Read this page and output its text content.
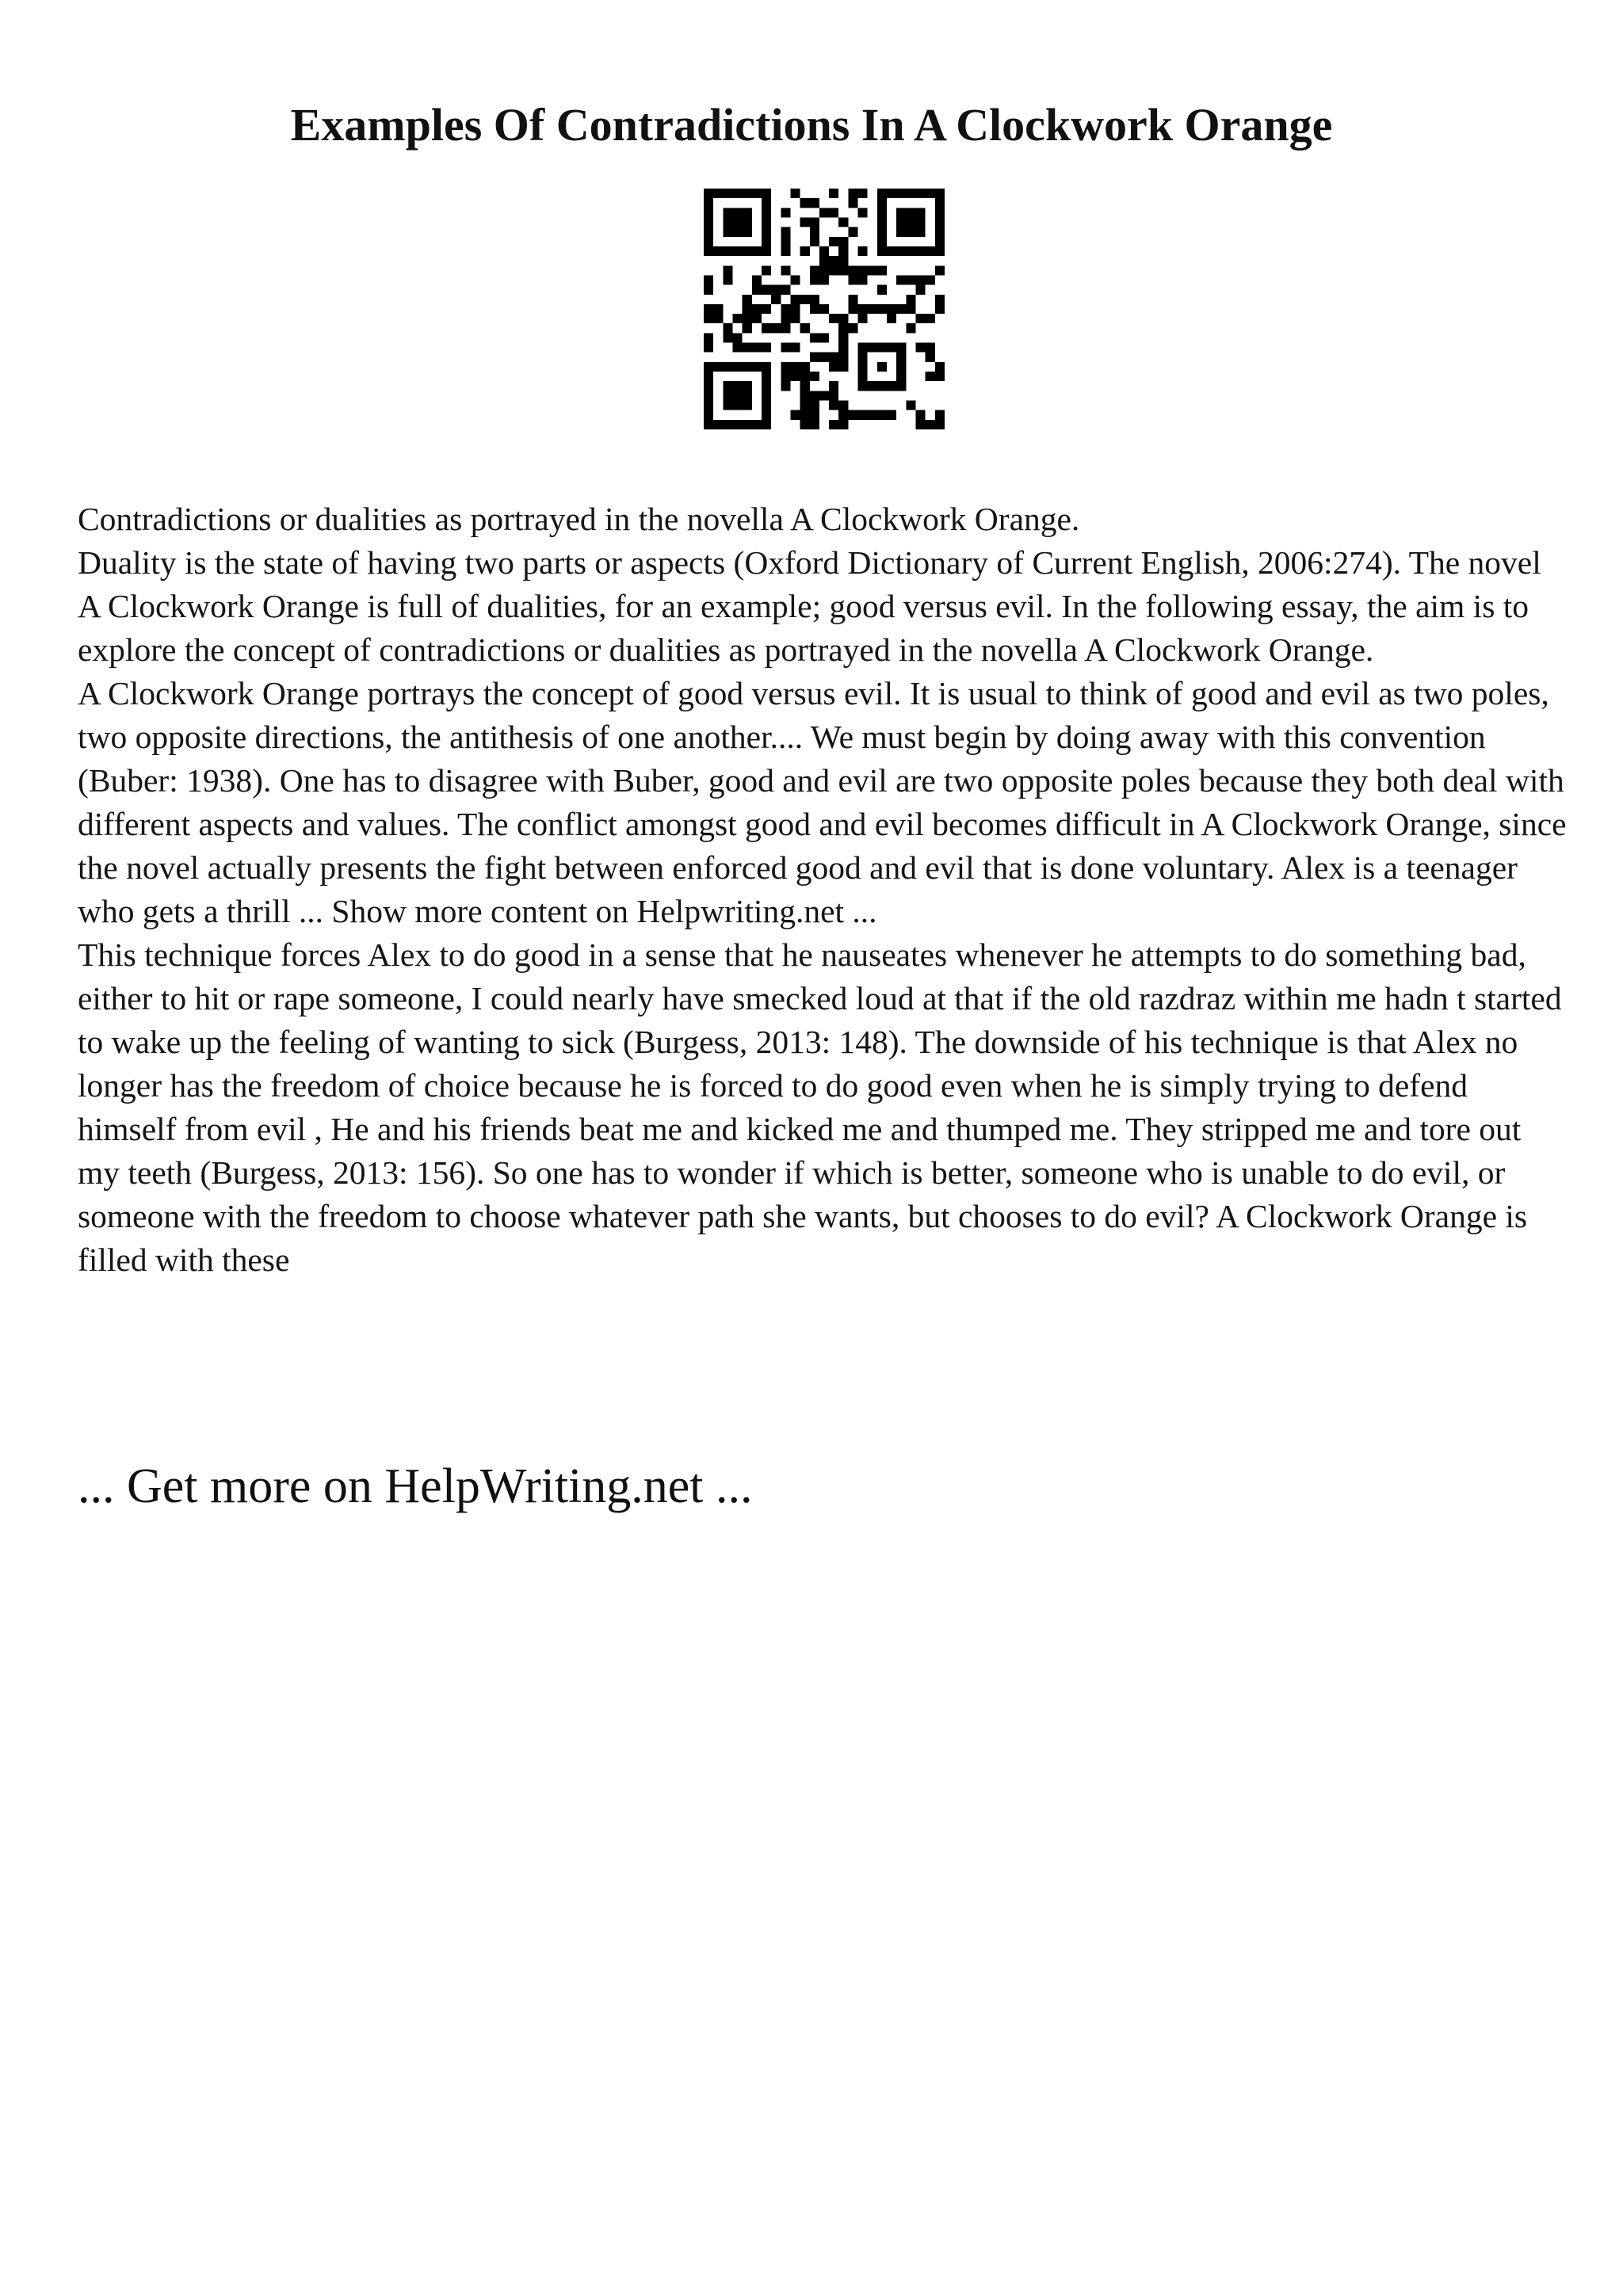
Examples Of Contradictions In A Clockwork Orange

Contradictions or dualities as portrayed in the novella A Clockwork Orange.

Duality is the state of having two parts or aspects (Oxford Dictionary of Current English, 2006:274). The novel A Clockwork Orange is full of dualities, for an example; good versus evil. In the following essay, the aim is to explore the concept of contradictions or dualities as portrayed in the novella A Clockwork Orange.

A Clockwork Orange portrays the concept of good versus evil. It is usual to think of good and evil as two poles, two opposite directions, the antithesis of one another.... We must begin by doing away with this convention (Buber: 1938). One has to disagree with Buber, good and evil are two opposite poles because they both deal with different aspects and values. The conflict amongst good and evil becomes difficult in A Clockwork Orange, since the novel actually presents the fight between enforced good and evil that is done voluntary. Alex is a teenager who gets a thrill ... Show more content on Helpwriting.net ...

This technique forces Alex to do good in a sense that he nauseates whenever he attempts to do something bad, either to hit or rape someone, I could nearly have smecked loud at that if the old razdraz within me hadn t started to wake up the feeling of wanting to sick (Burgess, 2013: 148). The downside of his technique is that Alex no longer has the freedom of choice because he is forced to do good even when he is simply trying to defend himself from evil , He and his friends beat me and kicked me and thumped me. They stripped me and tore out my teeth (Burgess, 2013: 156). So one has to wonder if which is better, someone who is unable to do evil, or someone with the freedom to choose whatever path she wants, but chooses to do evil? A Clockwork Orange is filled with these

... Get more on HelpWriting.net ...
